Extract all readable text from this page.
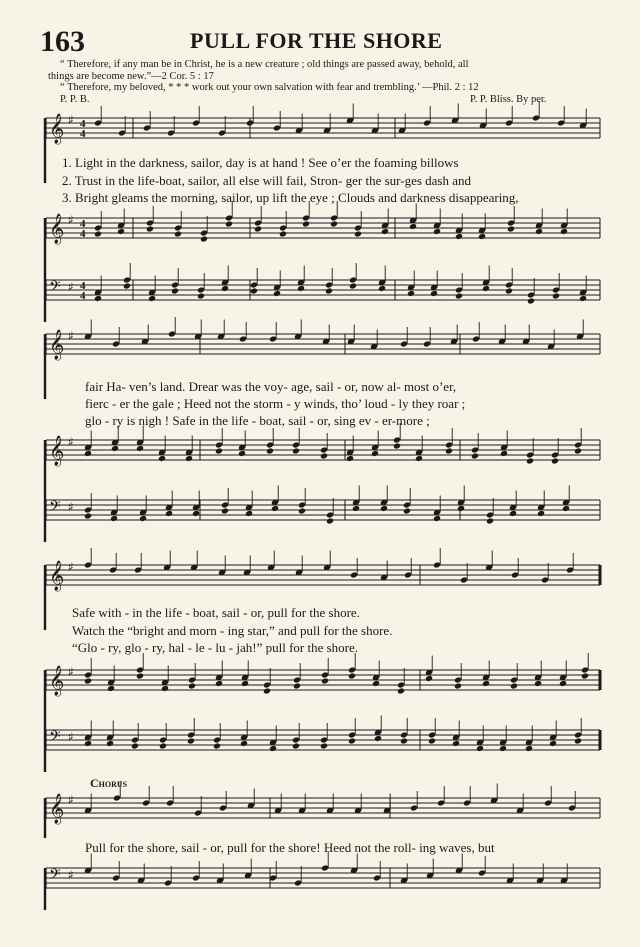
163	PULL FOR THE SHORE
“ Therefore, if any man be in Christ, he is a new creature ; old things are passed away, behold, all
things are become new.”—2 Cor. 5 : 17
“ Therefore, my beloved, * * * work out your own salvation with fear and trembling.’ —Phil. 2 : 12
P. P. B.	P. P. Bliss. By per.
𝄞 ♯ 4
4
𝄞 ♯ 4
4
𝄢 ♯ 4
4
𝄞 ♯
𝄞 ♯
𝄢 ♯
𝄞 ♯
𝄞 ♯
𝄢 ♯
𝄞 ♯
𝄢 ♯
1. Light in the darkness, sailor, day is at hand ! See o’er the foaming billows
2. Trust in the life-boat, sailor, all else will fail, Stron- ger the sur-ges dash and
3. Bright gleams the morning, sailor, up lift the eye ; Clouds and darkness disappearing,
fair Ha- ven’s land. Drear was the voy- age, sail - or, now al- most o’er,
fierc - er the gale ; Heed not the storm - y winds, tho’ loud - ly they roar ;
glo - ry is nigh ! Safe in the life - boat, sail - or, sing ev - er-more ;
Safe with - in the life - boat, sail - or, pull for the shore.
Watch the “bright and morn - ing star,” and pull for the shore.
“Glo - ry, glo - ry, hal - le - lu - jah!” pull for the shore.
Chorus
Pull for the shore, sail - or, pull for the shore! Heed not the roll- ing waves, but
